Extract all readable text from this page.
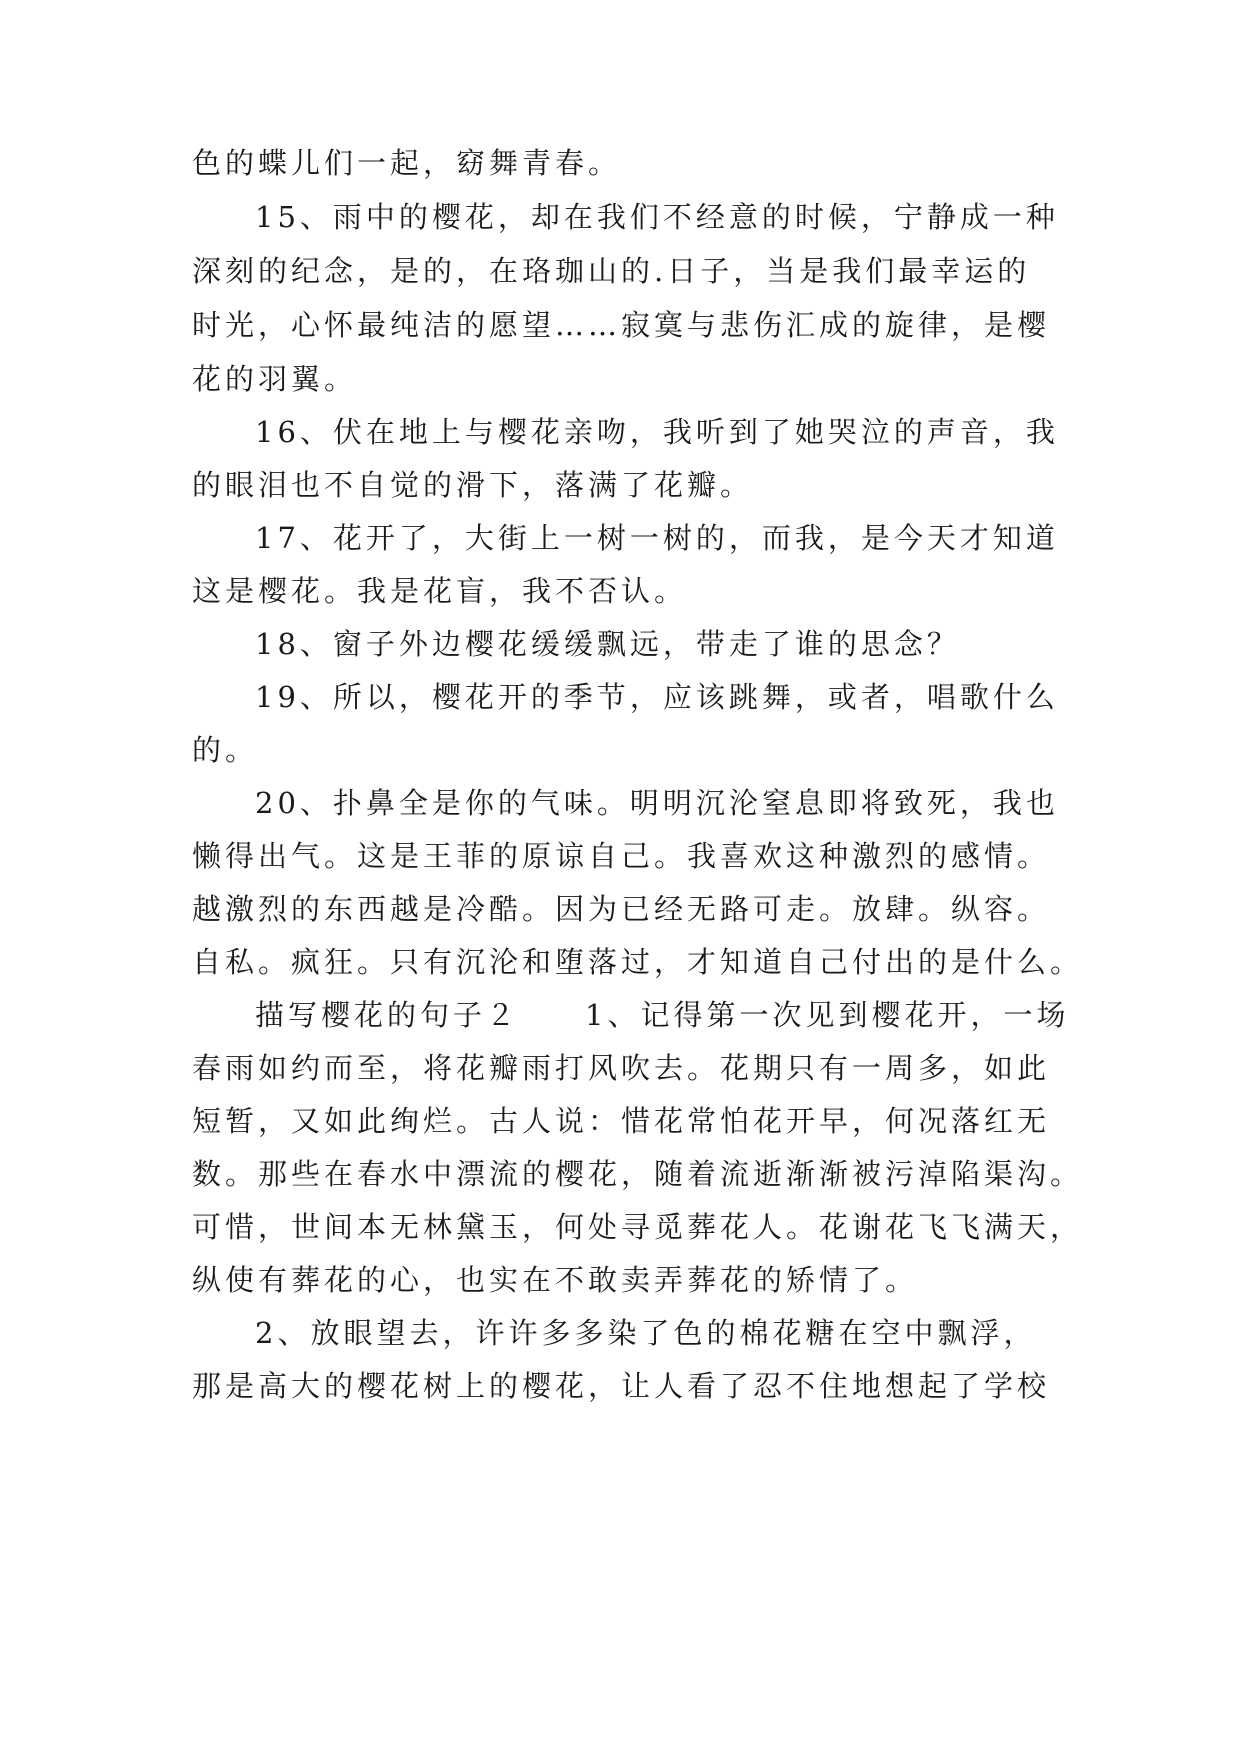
色的蝶儿们一起，窈舞青春。
15、雨中的樱花，却在我们不经意的时候，宁静成一种
深刻的纪念，是的，在珞珈山的.日子，当是我们最幸运的
时光，心怀最纯洁的愿望……寂寞与悲伤汇成的旋律，是樱
花的羽翼。
16、伏在地上与樱花亲吻，我听到了她哭泣的声音，我
的眼泪也不自觉的滑下，落满了花瓣。
17、花开了，大街上一树一树的，而我，是今天才知道
这是樱花。我是花盲，我不否认。
18、窗子外边樱花缓缓飘远，带走了谁的思念？
19、所以，樱花开的季节，应该跳舞，或者，唱歌什么
的。
20、扑鼻全是你的气味。明明沉沦窒息即将致死，我也
懒得出气。这是王菲的原谅自己。我喜欢这种激烈的感情。
越激烈的东西越是冷酷。因为已经无路可走。放肆。纵容。
自私。疯狂。只有沉沦和堕落过，才知道自己付出的是什么。
描写樱花的句子２　　1、记得第一次见到樱花开，一场
春雨如约而至，将花瓣雨打风吹去。花期只有一周多，如此
短暂，又如此绚烂。古人说：惜花常怕花开早，何况落红无
数。那些在春水中漂流的樱花，随着流逝渐渐被污淖陷渠沟。
可惜，世间本无林黛玉，何处寻觅葬花人。花谢花飞飞满天，
纵使有葬花的心，也实在不敢卖弄葬花的矫情了。
2、放眼望去，许许多多染了色的棉花糖在空中飘浮，
那是高大的樱花树上的樱花，让人看了忍不住地想起了学校
